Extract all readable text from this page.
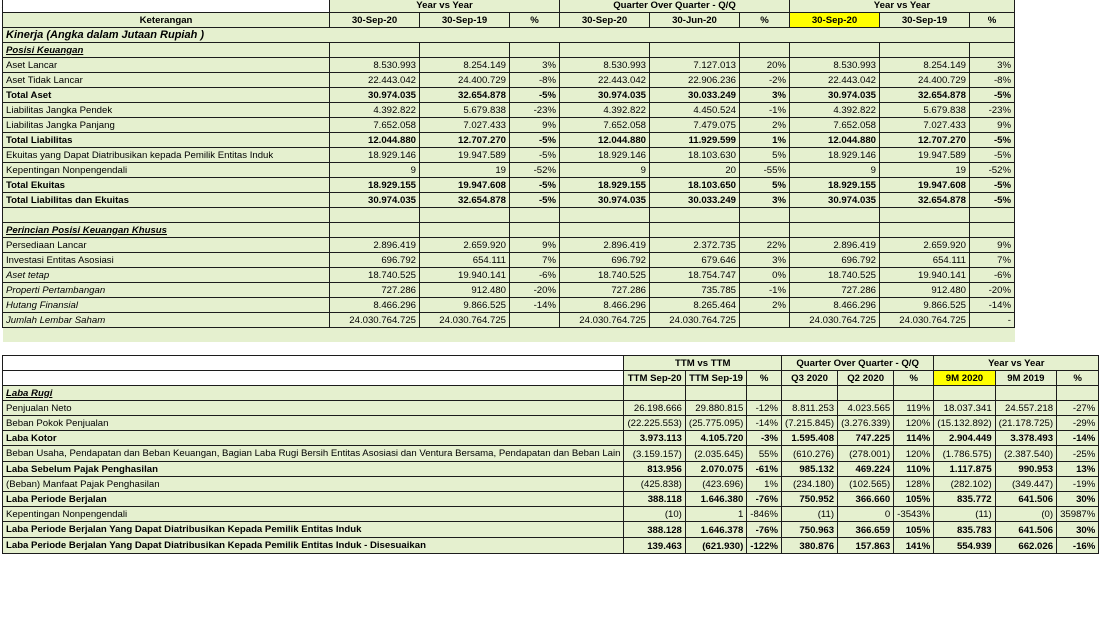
	Year vs Year			Quarter Over Quarter - Q/Q			Year vs Year		
Keterangan	30-Sep-20	30-Sep-19	%	30-Sep-20	30-Jun-20	%	30-Sep-20	30-Sep-19	%
Kinerja (Angka dalam Jutaan Rupiah )									
Posisi Keuangan									
Aset Lancar	8.530.993	8.254.149	3%	8.530.993	7.127.013	20%	8.530.993	8.254.149	3%
Aset Tidak Lancar	22.443.042	24.400.729	-8%	22.443.042	22.906.236	-2%	22.443.042	24.400.729	-8%
Total Aset	30.974.035	32.654.878	-5%	30.974.035	30.033.249	3%	30.974.035	32.654.878	-5%
Liabilitas Jangka Pendek	4.392.822	5.679.838	-23%	4.392.822	4.450.524	-1%	4.392.822	5.679.838	-23%
Liabilitas Jangka Panjang	7.652.058	7.027.433	9%	7.652.058	7.479.075	2%	7.652.058	7.027.433	9%
Total Liabilitas	12.044.880	12.707.270	-5%	12.044.880	11.929.599	1%	12.044.880	12.707.270	-5%
Ekuitas yang Dapat Diatribusikan kepada Pemilik Entitas Induk	18.929.146	19.947.589	-5%	18.929.146	18.103.630	5%	18.929.146	19.947.589	-5%
Kepentingan Nonpengendali	9	19	-52%	9	20	-55%	9	19	-52%
Total Ekuitas	18.929.155	19.947.608	-5%	18.929.155	18.103.650	5%	18.929.155	19.947.608	-5%
Total Liabilitas dan Ekuitas	30.974.035	32.654.878	-5%	30.974.035	30.033.249	3%	30.974.035	32.654.878	-5%

Perincian Posisi Keuangan Khusus									
Persediaan Lancar	2.896.419	2.659.920	9%	2.896.419	2.372.735	22%	2.896.419	2.659.920	9%
Investasi Entitas Asosiasi	696.792	654.111	7%	696.792	679.646	3%	696.792	654.111	7%
Aset tetap	18.740.525	19.940.141	-6%	18.740.525	18.754.747	0%	18.740.525	19.940.141	-6%
Properti Pertambangan	727.286	912.480	-20%	727.286	735.785	-1%	727.286	912.480	-20%
Hutang Finansial	8.466.296	9.866.525	-14%	8.466.296	8.265.464	2%	8.466.296	9.866.525	-14%
Jumlah Lembar Saham	24.030.764.725	24.030.764.725		24.030.764.725	24.030.764.725		24.030.764.725	24.030.764.725	-

	TTM vs TTM			Quarter Over Quarter - Q/Q			Year vs Year		
	TTM Sep-20	TTM Sep-19	%	Q3 2020	Q2 2020	%	9M 2020	9M 2019	%
Laba Rugi									
Penjualan Neto	26.198.666	29.880.815	-12%	8.811.253	4.023.565	119%	18.037.341	24.557.218	-27%
Beban Pokok Penjualan	(22.225.553)	(25.775.095)	-14%	(7.215.845)	(3.276.339)	120%	(15.132.892)	(21.178.725)	-29%
Laba Kotor	3.973.113	4.105.720	-3%	1.595.408	747.225	114%	2.904.449	3.378.493	-14%
Beban Usaha, Pendapatan dan Beban Keuangan, Bagian Laba Rugi Bersih Entitas Asosiasi dan Ventura Bersama, Pendapatan dan Beban Lain	(3.159.157)	(2.035.645)	55%	(610.276)	(278.001)	120%	(1.786.575)	(2.387.540)	-25%
Laba Sebelum Pajak Penghasilan	813.956	2.070.075	-61%	985.132	469.224	110%	1.117.875	990.953	13%
(Beban) Manfaat Pajak Penghasilan	(425.838)	(423.696)	1%	(234.180)	(102.565)	128%	(282.102)	(349.447)	-19%
Laba Periode Berjalan	388.118	1.646.380	-76%	750.952	366.660	105%	835.772	641.506	30%
Kepentingan Nonpengendali	(10)	1	-846%	(11)	0	-3543%	(11)	(0)	35987%
Laba Periode Berjalan Yang Dapat Diatribusikan Kepada Pemilik Entitas Induk	388.128	1.646.378	-76%	750.963	366.659	105%	835.783	641.506	30%
Laba Periode Berjalan Yang Dapat Diatribusikan Kepada Pemilik Entitas Induk - Disesuaikan	139.463	(621.930)	-122%	380.876	157.863	141%	554.939	662.026	-16%
